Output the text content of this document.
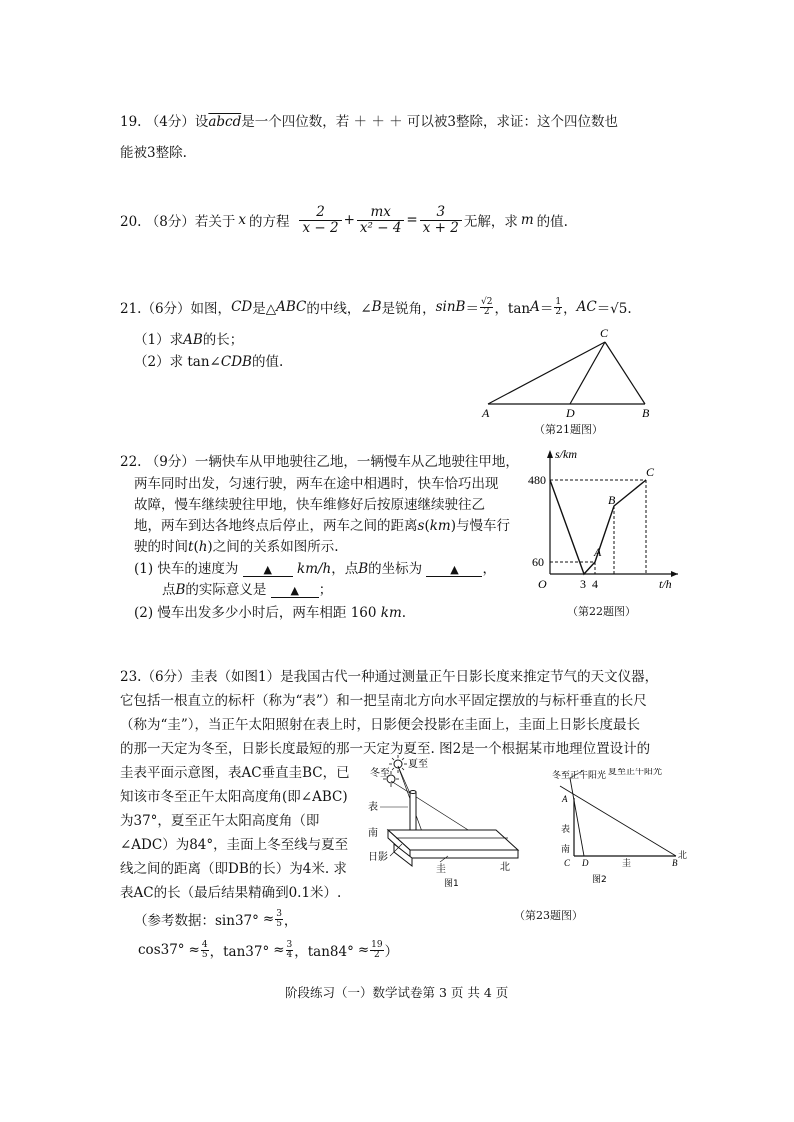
19. （4分）设abcd是一个四位数，若 ＋ ＋ ＋ 可以被3整除，求证：这个四位数也
能被3整除.
20. （8分）若关于 x 的方程 $\frac{2}{x - 2} + \frac{mx}{\text{x² − 4}} = \frac{3}{x + 2}$ 无解，求 m 的值.
21.（6分）如图， CD 是△ ABC 的中线，∠ B 是锐角， $\sin B = \frac{√2}{2}$ ，$\tan A = \frac{1}{2}$ ， AC ＝√5.
（1）求AB的长；
（2）求 tan∠CDB的值.
C
A	D	B
（第21题图）
22. （9分）一辆快车从甲地驶往乙地，一辆慢车从乙地驶往甲地，
两车同时出发，匀速行驶，两车在途中相遇时，快车恰巧出现
故障，慢车继续驶往甲地，快车维修好后按原速继续驶往乙
地，两车到达各地终点后停止，两车之间的距离s(km)与慢车行
驶的时间t(h)之间的关系如图所示.
(1) 快车的速度为 ▲ km/h，点B的坐标为	▲ ，
点B的实际意义是 ▲ ；
(2) 慢车出发多少小时后，两车相距 160 km.
s/km
480
60
O	3 4	t/h
A
B
C
（第22题图）
23.（6分）圭表（如图1）是我国古代一种通过测量正午日影长度来推定节气的天文仪器，
它包括一根直立的标杆（称为“表”）和一把呈南北方向水平固定摆放的与标杆垂直的长尺
（称为“圭”），当正午太阳照射在表上时，日影便会投影在圭面上，圭面上日影长度最长
的那一天定为冬至，日影长度最短的那一天定为夏至. 图2是一个根据某市地理位置设计的
圭表平面示意图，表AC垂直圭BC，已
知该市冬至正午太阳高度角(即∠ABC)
为37°，夏至正午太阳高度角（即
∠ADC）为84°，圭面上冬至线与夏至
线之间的距离（即DB的长）为4米. 求
表AC的长（最后结果精确到0.1米）.
（参考数据：$\sin 37^\circ \approx \frac{3}{5}$ ，
$\cos 37^\circ \approx \frac{4}{5}$ ，$\tan 37^\circ \approx \frac{3}{4}$ ，$\tan 84^\circ \approx \frac{19}{2}$ ）
夏至
冬至
表
南
日影
圭	北
图1
冬至正午阳光 夏至正午阳光
A
表
南
C D	圭	B
北
图2
（第23题图）
阶段练习（一）数学试卷第 3 页 共 4 页
